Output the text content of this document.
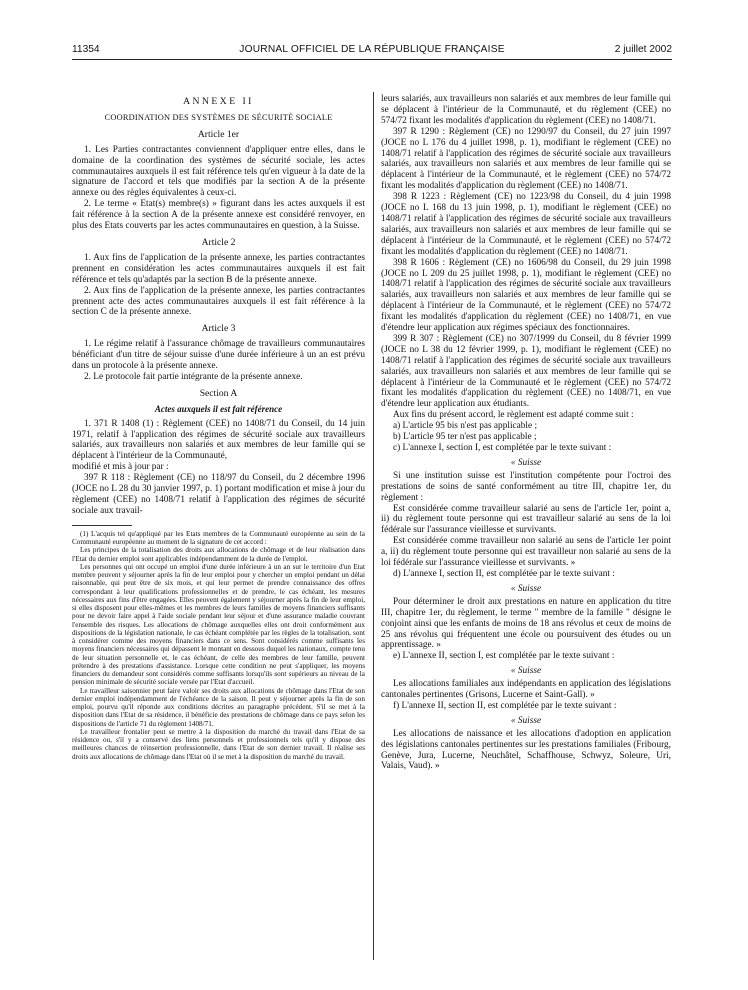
11354	JOURNAL OFFICIEL DE LA RÉPUBLIQUE FRANÇAISE	2 juillet 2002

ANNEXE II

COORDINATION DES SYSTÈMES DE SÉCURITÉ SOCIALE

Article 1er

1. Les Parties contractantes conviennent d'appliquer entre elles, dans le domaine de la coordination des systèmes de sécurité sociale, les actes communautaires auxquels il est fait référence tels qu'en vigueur à la date de la signature de l'accord et tels que modifiés par la section A de la présente annexe ou des règles équivalentes à ceux-ci.

2. Le terme « Etat(s) membre(s) » figurant dans les actes auxquels il est fait référence à la section A de la présente annexe est considéré renvoyer, en plus des Etats couverts par les actes communautaires en question, à la Suisse.

Article 2

1. Aux fins de l'application de la présente annexe, les parties contractantes prennent en considération les actes communautaires auxquels il est fait référence et tels qu'adaptés par la section B de la présente annexe.

2. Aux fins de l'application de la présente annexe, les parties contractantes prennent acte des actes communautaires auxquels il est fait référence à la section C de la présente annexe.

Article 3

1. Le régime relatif à l'assurance chômage de travailleurs communautaires bénéficiant d'un titre de séjour suisse d'une durée inférieure à un an est prévu dans un protocole à la présente annexe.

2. Le protocole fait partie intégrante de la présente annexe.

Section A

Actes auxquels il est fait référence

1. 371 R 1408 (1) : Règlement (CEE) no 1408/71 du Conseil, du 14 juin 1971, relatif à l'application des régimes de sécurité sociale aux travailleurs salariés, aux travailleurs non salariés et aux membres de leur famille qui se déplacent à l'intérieur de la Communauté,

modifié et mis à jour par :

397 R 118 : Règlement (CE) no 118/97 du Conseil, du 2 décembre 1996 (JOCE no L 28 du 30 janvier 1997, p. 1) portant modification et mise à jour du règlement (CEE) no 1408/71 relatif à l'application des régimes de sécurité sociale aux travail-

(1) L'acquis tel qu'appliqué par les Etats membres de la Communauté européenne au sein de la Communauté européenne au moment de la signature de cet accord :

Les principes de la totalisation des droits aux allocations de chômage et de leur réalisation dans l'Etat du dernier emploi sont applicables indépendamment de la durée de l'emploi.

Les personnes qui ont occupé un emploi d'une durée inférieure à un an sur le territoire d'un Etat membre peuvent y séjourner après la fin de leur emploi pour y chercher un emploi pendant un délai raisonnable, qui peut être de six mois, et qui leur permet de prendre connaissance des offres correspondant à leur qualifications professionnelles et de prendre, le cas échéant, les mesures nécessaires aux fins d'être engagées. Elles peuvent également y séjourner après la fin de leur emploi, si elles disposent pour elles-mêmes et les membres de leurs familles de moyens financiers suffisants pour ne devoir faire appel à l'aide sociale pendant leur séjour et d'une assurance maladie couvrant l'ensemble des risques. Les allocations de chômage auxquelles elles ont droit conformément aux dispositions de la législation nationale, le cas échéant complétée par les règles de la totalisation, sont à considérer comme des moyens financiers dans ce sens. Sont considérés comme suffisants les moyens financiers nécessaires qui dépassent le montant en dessous duquel les nationaux, compte tenu de leur situation personnelle et, le cas échéant, de celle des membres de leur famille, peuvent prétendre à des prestations d'assistance. Lorsque cette condition ne peut s'appliquer, les moyens financiers du demandeur sont considérés comme suffisants lorsqu'ils sont supérieurs au niveau de la pension minimale de sécurité sociale versée par l'Etat d'accueil.

Le travailleur saisonnier peut faire valoir ses droits aux allocations de chômage dans l'Etat de son dernier emploi indépendamment de l'échéance de la saison. Il peut y séjourner après la fin de son emploi, pourvu qu'il réponde aux conditions décrites au paragraphe précédent. S'il se met à la disposition dans l'Etat de sa résidence, il bénéficie des prestations de chômage dans ce pays selon les dispositions de l'article 71 du règlement 1408/71.

Le travailleur frontalier peut se mettre à la disposition du marché du travail dans l'Etat de sa résidence ou, s'il y a conservé des liens personnels et professionnels tels qu'il y dispose des meilleures chances de réinsertion professionnelle, dans l'Etat de son dernier travail. Il réalise ses droits aux allocations de chômage dans l'Etat où il se met à la disposition du marché du travail.

leurs salariés, aux travailleurs non salariés et aux membres de leur famille qui se déplacent à l'intérieur de la Communauté, et du règlement (CEE) no 574/72 fixant les modalités d'application du règlement (CEE) no 1408/71.

397 R 1290 : Règlement (CE) no 1290/97 du Conseil, du 27 juin 1997 (JOCE no L 176 du 4 juillet 1998, p. 1), modifiant le règlement (CEE) no 1408/71 relatif à l'application des régimes de sécurité sociale aux travailleurs salariés, aux travailleurs non salariés et aux membres de leur famille qui se déplacent à l'intérieur de la Communauté, et le règlement (CEE) no 574/72 fixant les modalités d'application du règlement (CEE) no 1408/71.

398 R 1223 : Règlement (CE) no 1223/98 du Conseil, du 4 juin 1998 (JOCE no L 168 du 13 juin 1998, p. 1), modifiant le règlement (CEE) no 1408/71 relatif à l'application des régimes de sécurité sociale aux travailleurs salariés, aux travailleurs non salariés et aux membres de leur famille qui se déplacent à l'intérieur de la Communauté, et le règlement (CEE) no 574/72 fixant les modalités d'application du règlement (CEE) no 1408/71.

398 R 1606 : Règlement (CE) no 1606/98 du Conseil, du 29 juin 1998 (JOCE no L 209 du 25 juillet 1998, p. 1), modifiant le règlement (CEE) no 1408/71 relatif à l'application des régimes de sécurité sociale aux travailleurs salariés, aux travailleurs non salariés et aux membres de leur famille qui se déplacent à l'intérieur de la Communauté, et le règlement (CEE) no 574/72 fixant les modalités d'application du règlement (CEE) no 1408/71, en vue d'étendre leur application aux régimes spéciaux des fonctionnaires.

399 R 307 : Règlement (CE) no 307/1999 du Conseil, du 8 février 1999 (JOCE no L 38 du 12 février 1999, p. 1), modifiant le règlement (CEE) no 1408/71 relatif à l'application des régimes de sécurité sociale aux travailleurs salariés, aux travailleurs non salariés et aux membres de leur famille qui se déplacent à l'intérieur de la Communauté et le règlement (CEE) no 574/72 fixant les modalités d'application du règlement (CEE) no 1408/71, en vue d'étendre leur application aux étudiants.

Aux fins du présent accord, le règlement est adapté comme suit :

a) L'article 95 bis n'est pas applicable ;

b) L'article 95 ter n'est pas applicable ;

c) L'annexe I, section I, est complétée par le texte suivant :

« Suisse

Si une institution suisse est l'institution compétente pour l'octroi des prestations de soins de santé conformément au titre III, chapitre 1er, du règlement :

Est considérée comme travailleur salarié au sens de l'article 1er, point a, ii) du règlement toute personne qui est travailleur salarié au sens de la loi fédérale sur l'assurance vieillesse et survivants.

Est considérée comme travailleur non salarié au sens de l'article 1er point a, ii) du règlement toute personne qui est travailleur non salarié au sens de la loi fédérale sur l'assurance vieillesse et survivants. »

d) L'annexe I, section II, est complétée par le texte suivant :

« Suisse

Pour déterminer le droit aux prestations en nature en application du titre III, chapitre 1er, du règlement, le terme " membre de la famille " désigne le conjoint ainsi que les enfants de moins de 18 ans révolus et ceux de moins de 25 ans révolus qui fréquentent une école ou poursuivent des études ou un apprentissage. »

e) L'annexe II, section I, est complétée par le texte suivant :

« Suisse

Les allocations familiales aux indépendants en application des législations cantonales pertinentes (Grisons, Lucerne et Saint-Gall). »

f) L'annexe II, section II, est complétée par le texte suivant :

« Suisse

Les allocations de naissance et les allocations d'adoption en application des législations cantonales pertinentes sur les prestations familiales (Fribourg, Genève, Jura, Lucerne, Neuchâtel, Schaffhouse, Schwyz, Soleure, Uri, Valais, Vaud). »
